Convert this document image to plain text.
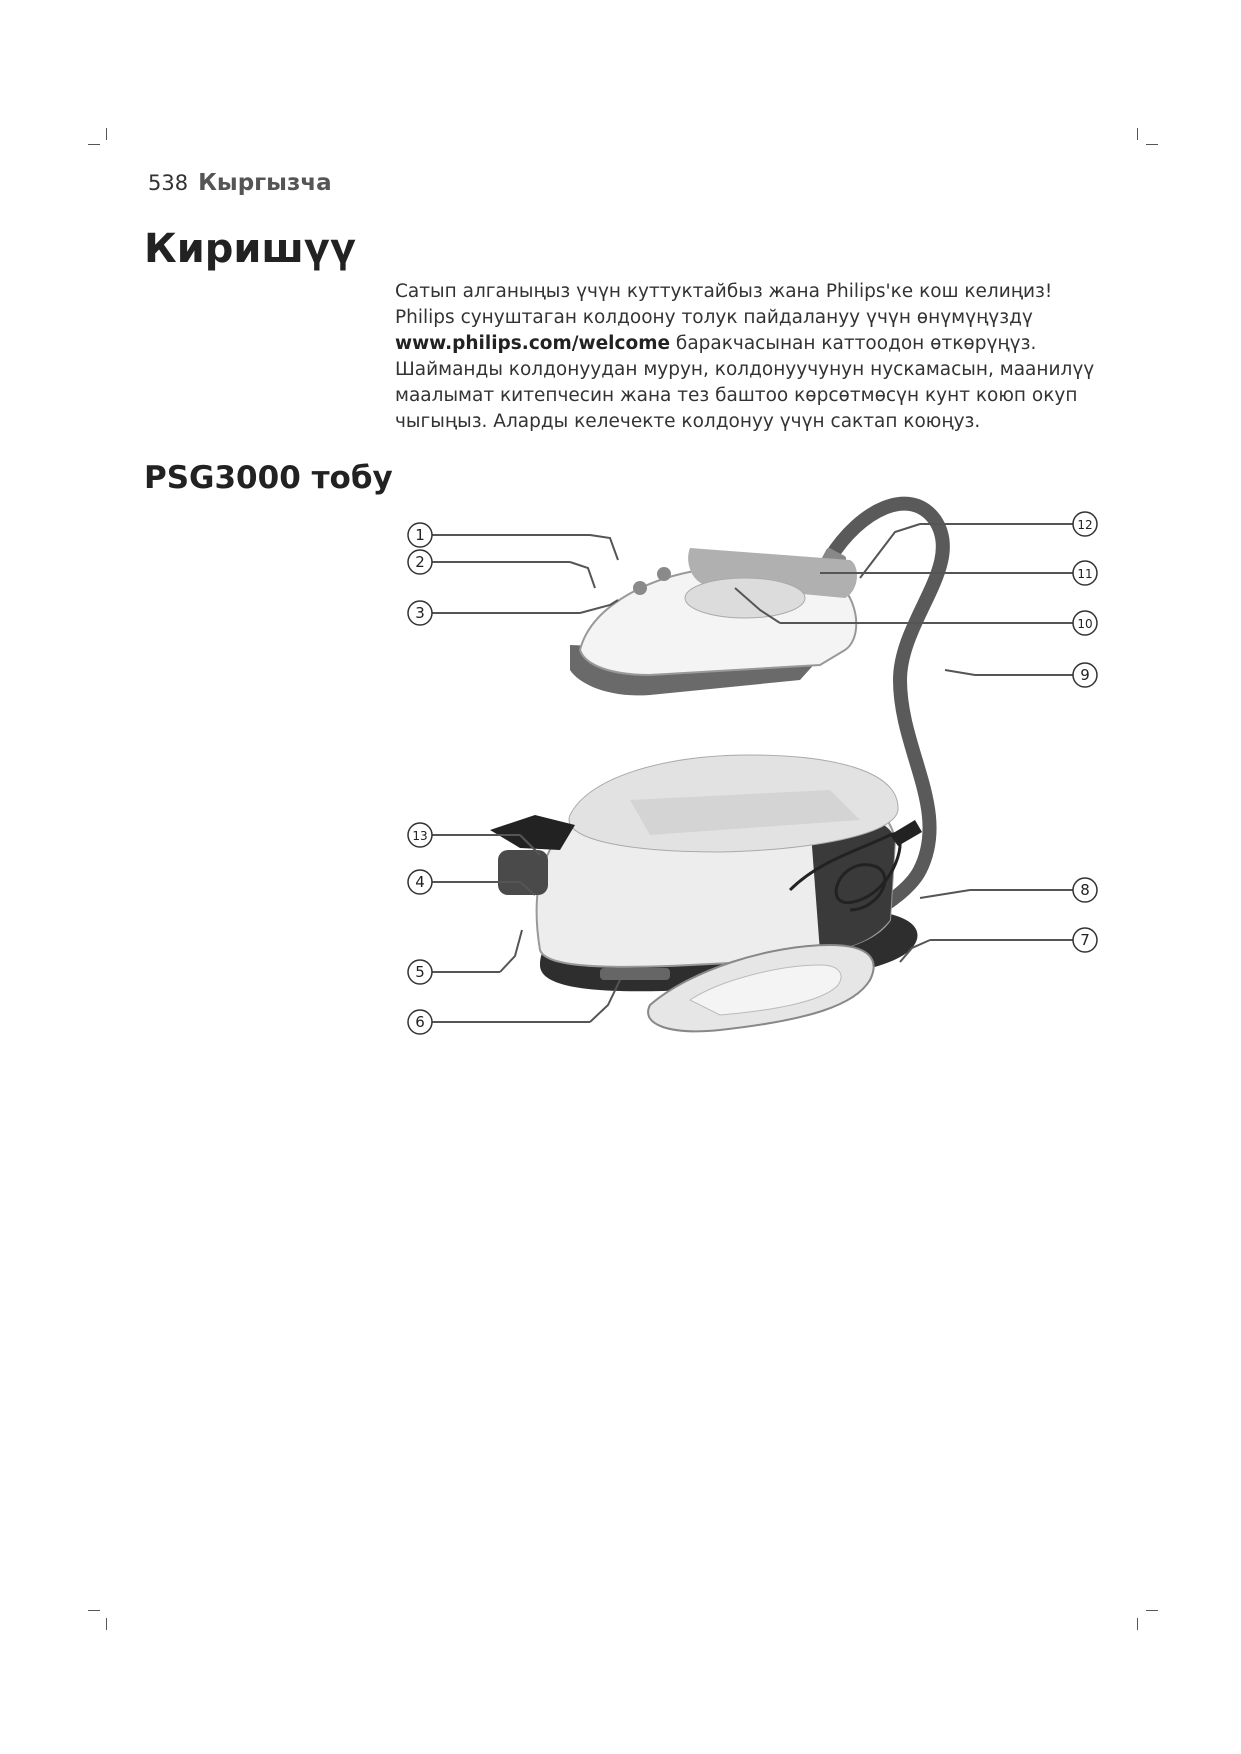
538 Кыргызча
Киришүү

Сатып алганыңыз үчүн куттуктайбыз жана Philips'ке кош келиңиз! Philips сунуштаган колдоону толук пайдалануу үчүн өнүмүңүздү www.philips.com/welcome баракчасынан каттоодон өткөрүңүз. Шайманды колдонуудан мурун, колдонуучунун нускамасын, маанилүү маалымат китепчесин жана тез баштоо көрсөтмөсүн кунт коюп окуп чыгыңыз. Аларды келечекте колдонуу үчүн сактап коюңуз.

PSG3000 тобу
1
2
3
13
4
5
6
12
11
10
9
8
7
